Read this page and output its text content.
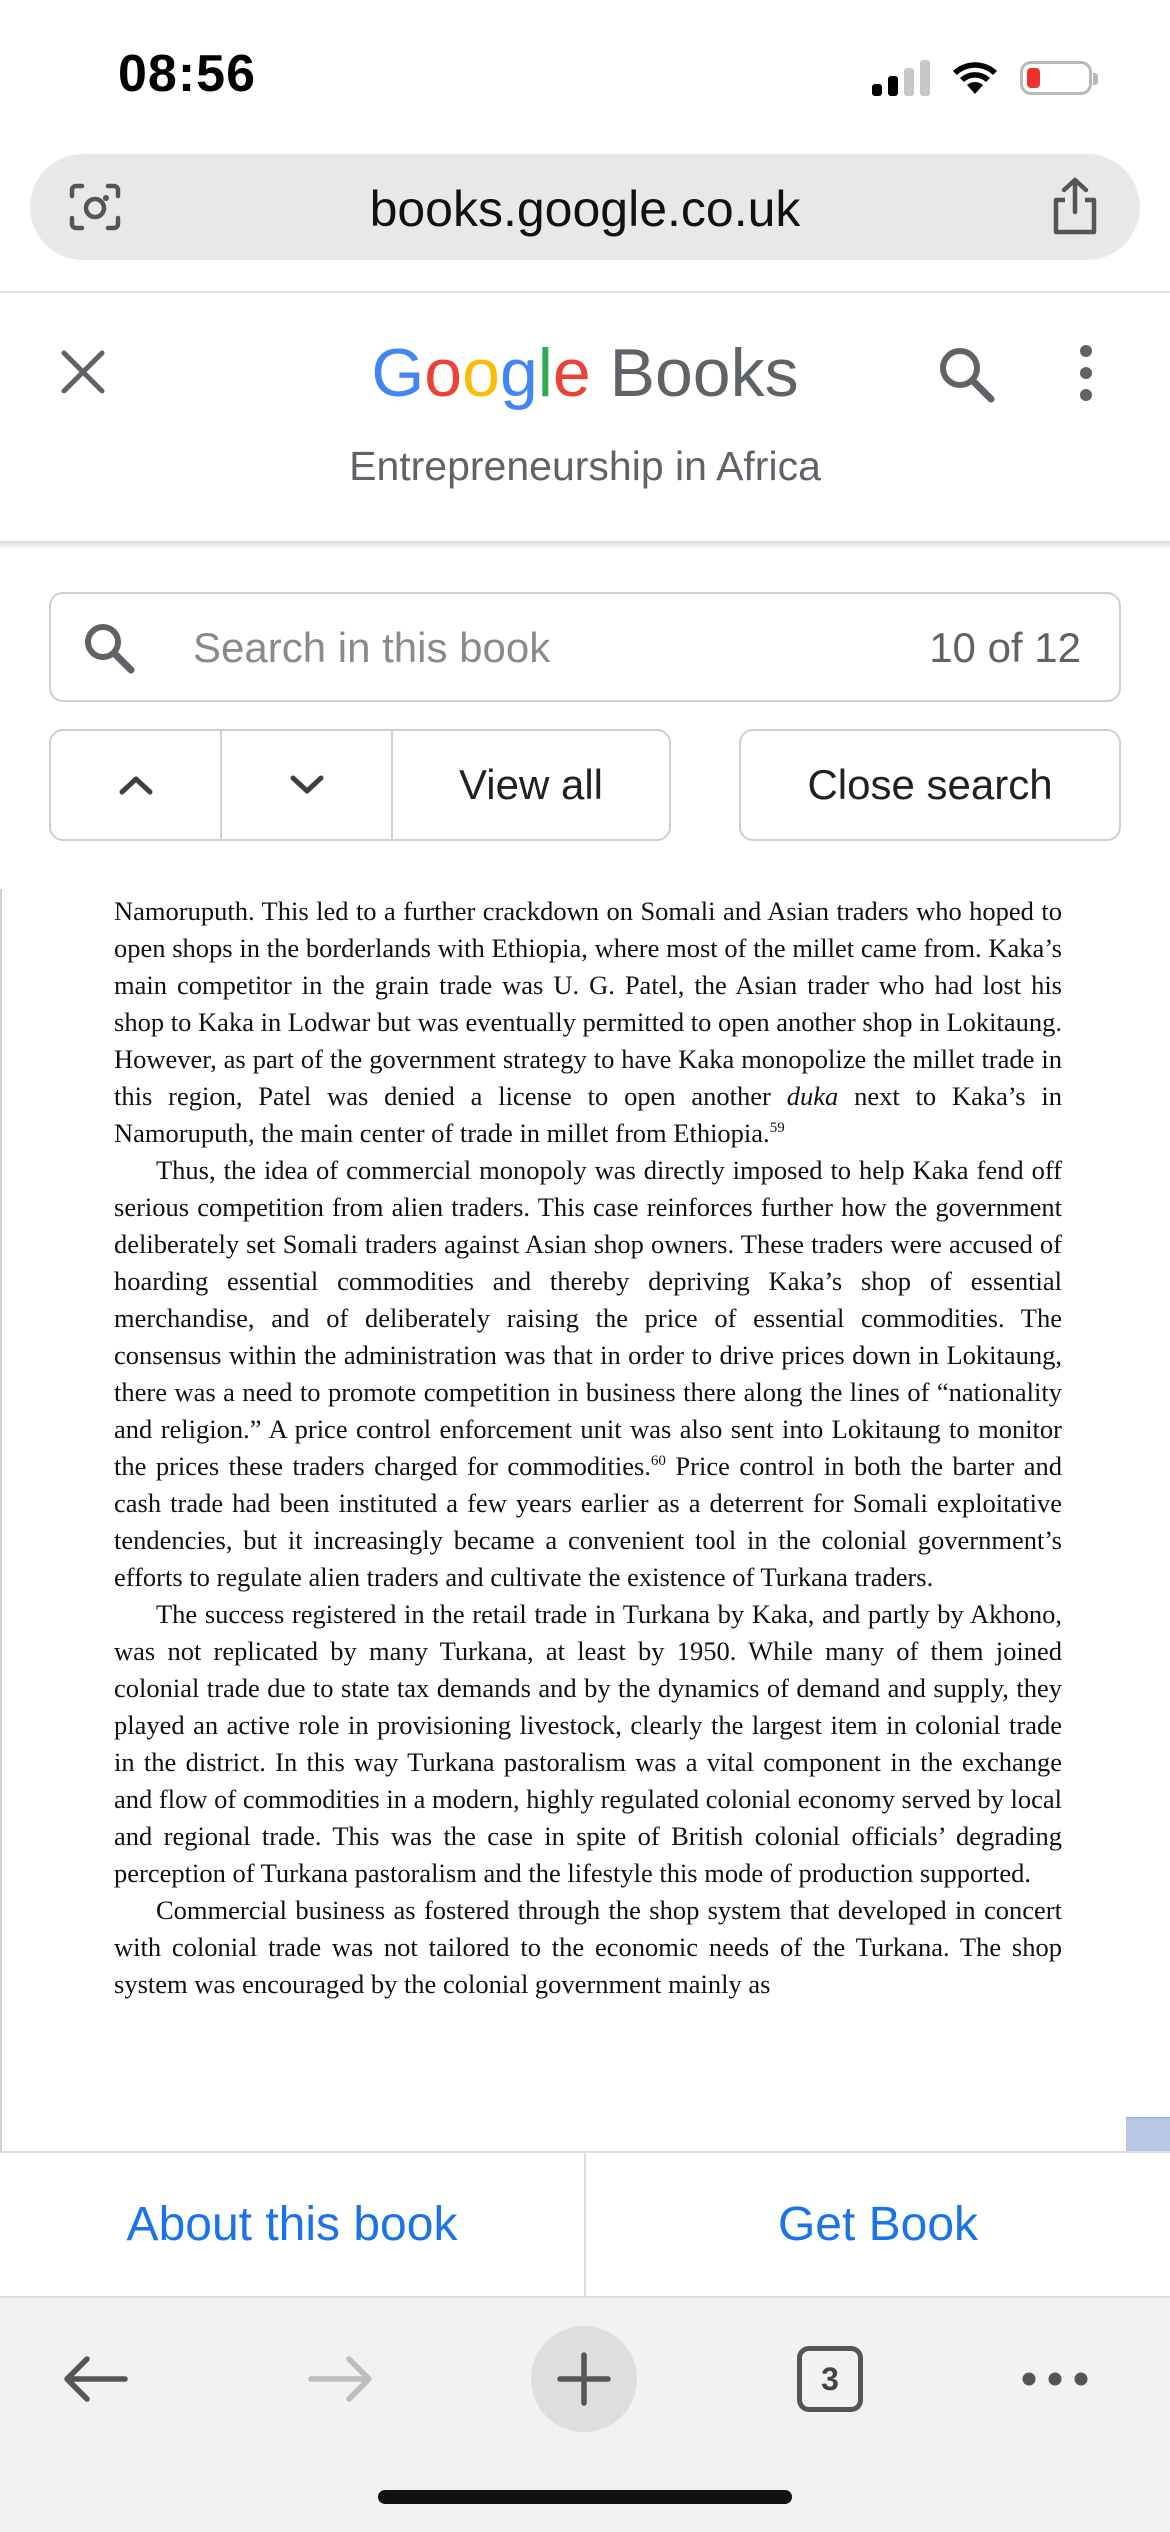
08:56
books.google.co.uk
Google Books
Entrepreneurship in Africa
Search in this book
10 of 12
View all	Close search

Namoruputh. This led to a further crackdown on Somali and Asian traders who hoped to open shops in the borderlands with Ethiopia, where most of the millet came from. Kaka’s main competitor in the grain trade was U. G. Patel, the Asian trader who had lost his shop to Kaka in Lodwar but was eventually permitted to open another shop in Lokitaung. However, as part of the government strategy to have Kaka monopolize the millet trade in this region, Patel was denied a license to open another duka next to Kaka’s in Namoruputh, the main center of trade in millet from Ethiopia.$^{59}$

Thus, the idea of commercial monopoly was directly imposed to help Kaka fend off serious competition from alien traders. This case reinforces further how the government deliberately set Somali traders against Asian shop owners. These traders were accused of hoarding essential commodities and thereby depriving Kaka’s shop of essential merchandise, and of deliberately raising the price of essential commodities. The consensus within the administration was that in order to drive prices down in Lokitaung, there was a need to promote competition in business there along the lines of “nationality and religion.” A price control enforcement unit was also sent into Lokitaung to monitor the prices these traders charged for commodities.$^{60}$ Price control in both the barter and cash trade had been instituted a few years earlier as a deterrent for Somali exploitative tendencies, but it increasingly became a convenient tool in the colonial government’s efforts to regulate alien traders and cultivate the existence of Turkana traders.

The success registered in the retail trade in Turkana by Kaka, and partly by Akhono, was not replicated by many Turkana, at least by 1950. While many of them joined colonial trade due to state tax demands and by the dynamics of demand and supply, they played an active role in provisioning livestock, clearly the largest item in colonial trade in the district. In this way Turkana pastoralism was a vital component in the exchange and flow of commodities in a modern, highly regulated colonial economy served by local and regional trade. This was the case in spite of British colonial officials’ degrading perception of Turkana pastoralism and the lifestyle this mode of production supported.

Commercial business as fostered through the shop system that developed in concert with colonial trade was not tailored to the economic needs of the Turkana. The shop system was encouraged by the colonial government mainly as

About this book	Get Book
3
